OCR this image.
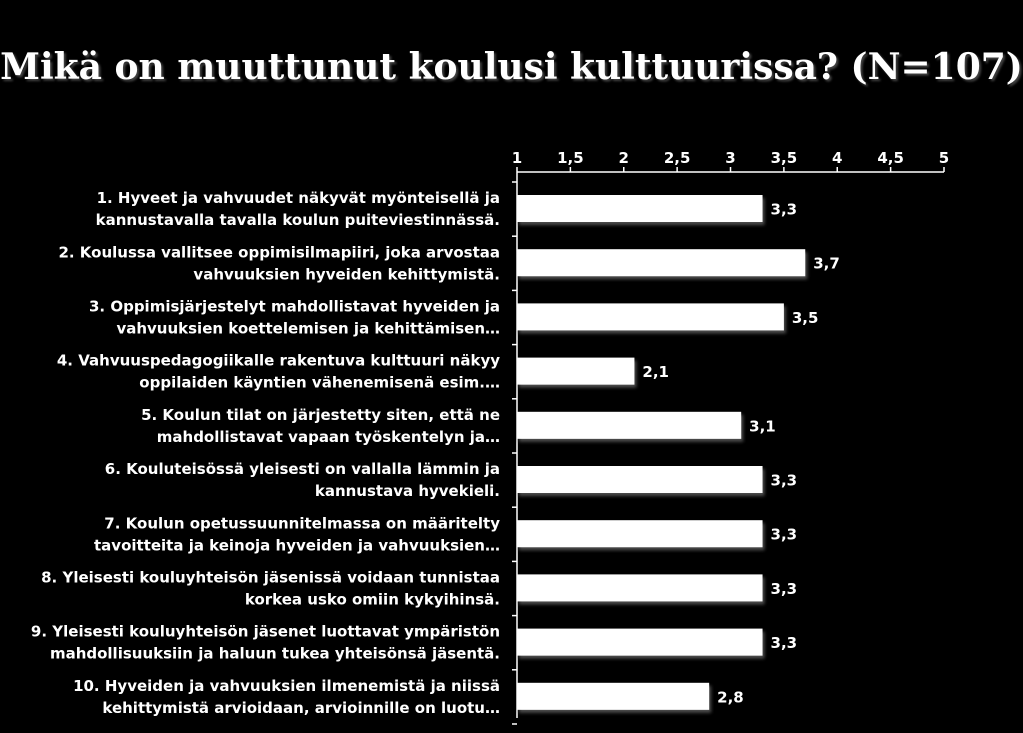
Mikä on muuttunut koulusi kulttuurissa? (N=107)
1 1,5 2 2,5 3 3,5 4 4,5 5
3,3
3,7
3,5
2,1
3,1
3,3
3,3
3,3
3,3
2,8
1. Hyveet ja vahvuudet näkyvät myönteisellä ja
kannustavalla tavalla koulun puiteviestinnässä.
2. Koulussa vallitsee oppimisilmapiiri, joka arvostaa
vahvuuksien hyveiden kehittymistä.
3. Oppimisjärjestelyt mahdollistavat hyveiden ja
vahvuuksien koettelemisen ja kehittämisen…
4. Vahvuuspedagogiikalle rakentuva kulttuuri näkyy
oppilaiden käyntien vähenemisenä esim.…
5. Koulun tilat on järjestetty siten, että ne
mahdollistavat vapaan työskentelyn ja…
6. Kouluteisössä yleisesti on vallalla lämmin ja
kannustava hyvekieli.
7. Koulun opetussuunnitelmassa on määritelty
tavoitteita ja keinoja hyveiden ja vahvuuksien…
8. Yleisesti kouluyhteisön jäsenissä voidaan tunnistaa
korkea usko omiin kykyihinsä.
9. Yleisesti kouluyhteisön jäsenet luottavat ympäristön
mahdollisuuksiin ja haluun tukea yhteisönsä jäsentä.
10. Hyveiden ja vahvuuksien ilmenemistä ja niissä
kehittymistä arvioidaan, arvioinnille on luotu…
